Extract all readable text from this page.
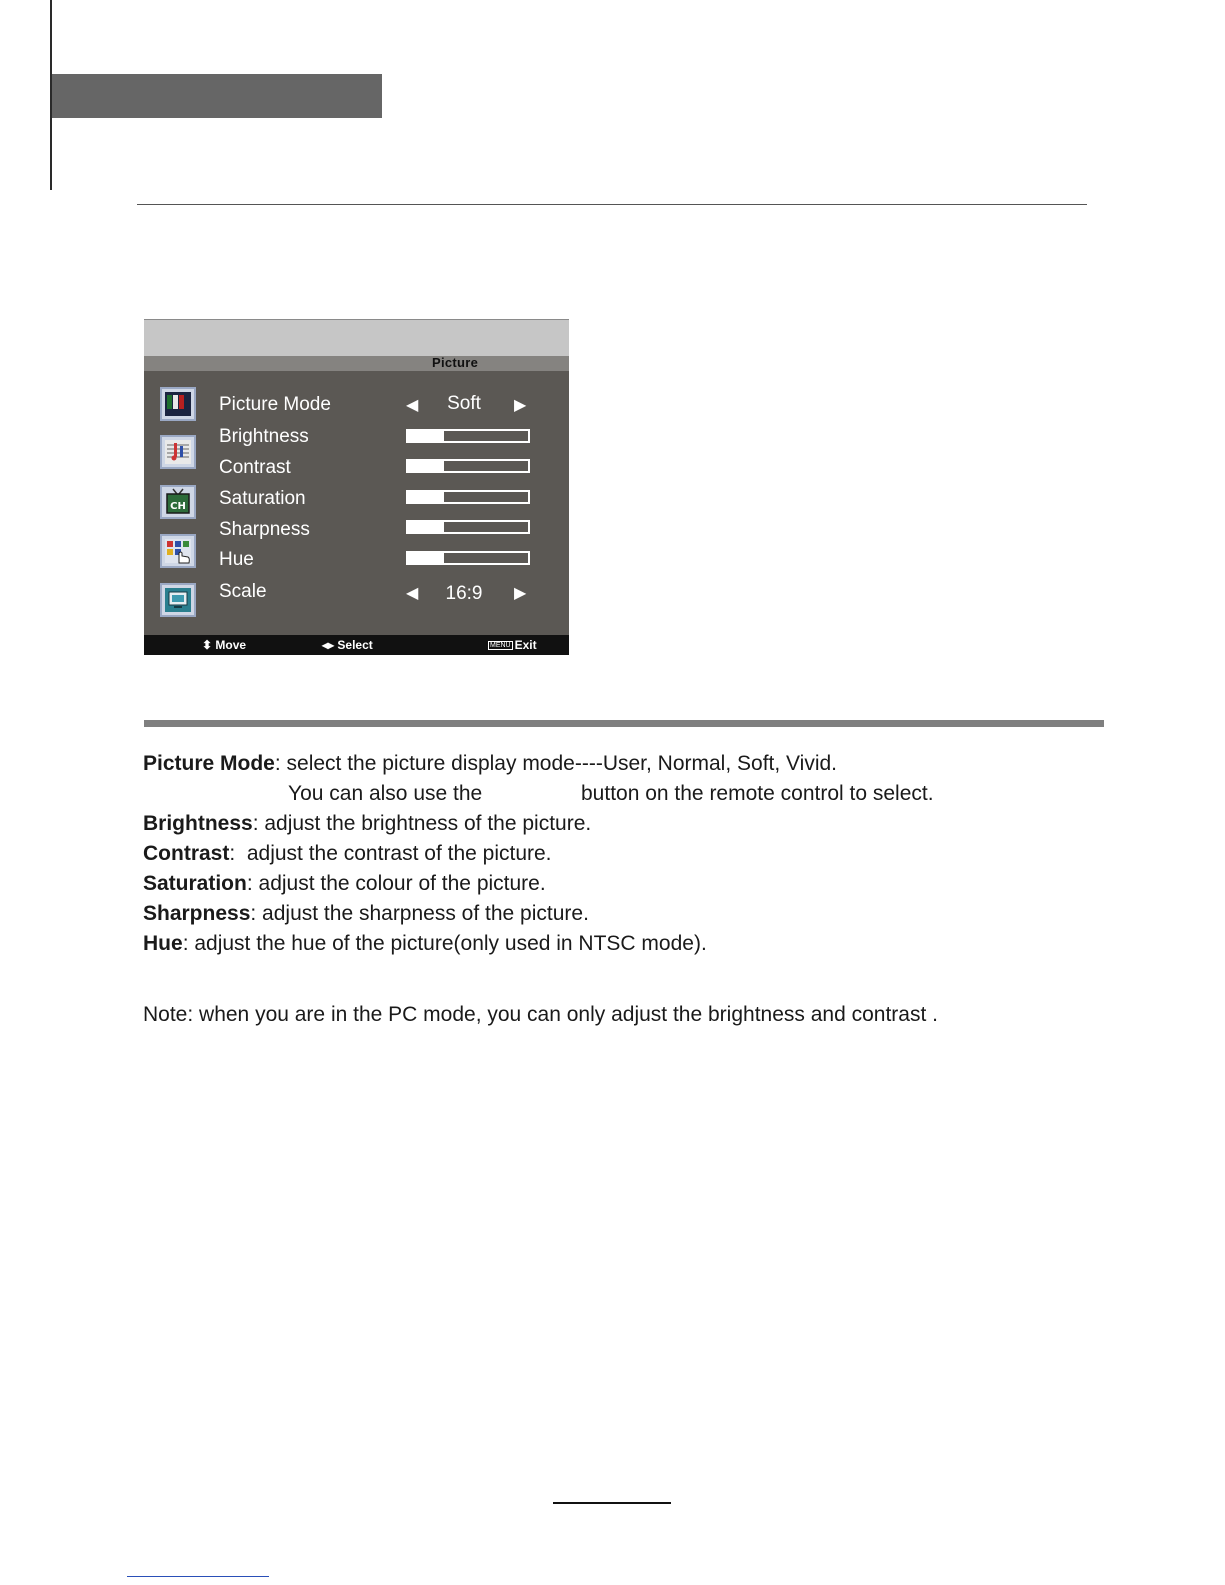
Picture
CH
Picture Mode	◀	Soft	▶
Brightness
Contrast
Saturation
Sharpness
Hue
Scale	◀	16:9	▶
⬍ Move	◂▸ Select	MENU Exit
Picture Mode: select the picture display mode----User, Normal, Soft, Vivid.
You can also use the	button on the remote control to select.
Brightness: adjust the brightness of the picture.
Contrast:  adjust the contrast of the picture.
Saturation: adjust the colour of the picture.
Sharpness: adjust the sharpness of the picture.
Hue: adjust the hue of the picture(only used in NTSC mode).
Note: when you are in the PC mode, you can only adjust the brightness and contrast .
